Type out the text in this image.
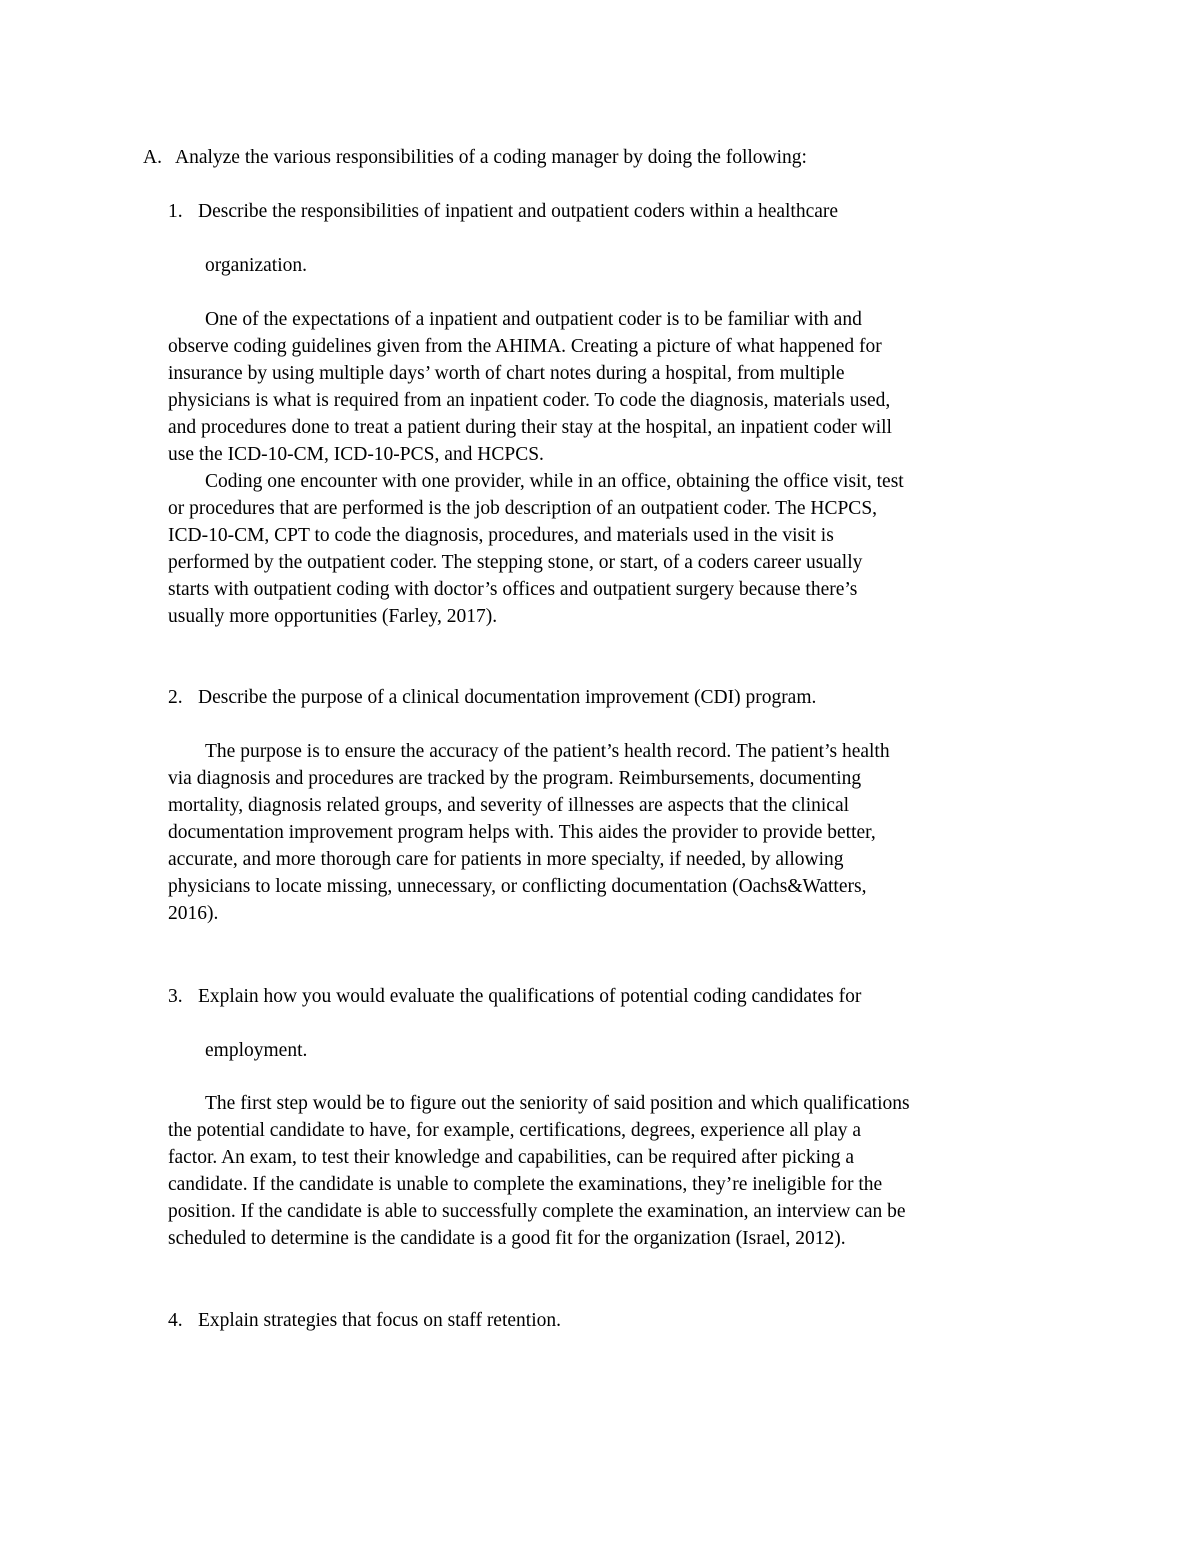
A. Analyze the various responsibilities of a coding manager by doing the following:
1. Describe the responsibilities of inpatient and outpatient coders within a healthcare
organization.
One of the expectations of a inpatient and outpatient coder is to be familiar with and
observe coding guidelines given from the AHIMA. Creating a picture of what happened for
insurance by using multiple days’ worth of chart notes during a hospital, from multiple
physicians is what is required from an inpatient coder. To code the diagnosis, materials used,
and procedures done to treat a patient during their stay at the hospital, an inpatient coder will
use the ICD-10-CM, ICD-10-PCS, and HCPCS.
Coding one encounter with one provider, while in an office, obtaining the office visit, test
or procedures that are performed is the job description of an outpatient coder. The HCPCS,
ICD-10-CM, CPT to code the diagnosis, procedures, and materials used in the visit is
performed by the outpatient coder. The stepping stone, or start, of a coders career usually
starts with outpatient coding with doctor’s offices and outpatient surgery because there’s
usually more opportunities (Farley, 2017).
2. Describe the purpose of a clinical documentation improvement (CDI) program.
The purpose is to ensure the accuracy of the patient’s health record. The patient’s health
via diagnosis and procedures are tracked by the program. Reimbursements, documenting
mortality, diagnosis related groups, and severity of illnesses are aspects that the clinical
documentation improvement program helps with. This aides the provider to provide better,
accurate, and more thorough care for patients in more specialty, if needed, by allowing
physicians to locate missing, unnecessary, or conflicting documentation (Oachs&Watters,
2016).
3. Explain how you would evaluate the qualifications of potential coding candidates for
employment.
The first step would be to figure out the seniority of said position and which qualifications
the potential candidate to have, for example, certifications, degrees, experience all play a
factor. An exam, to test their knowledge and capabilities, can be required after picking a
candidate. If the candidate is unable to complete the examinations, they’re ineligible for the
position. If the candidate is able to successfully complete the examination, an interview can be
scheduled to determine is the candidate is a good fit for the organization (Israel, 2012).
4. Explain strategies that focus on staff retention.
